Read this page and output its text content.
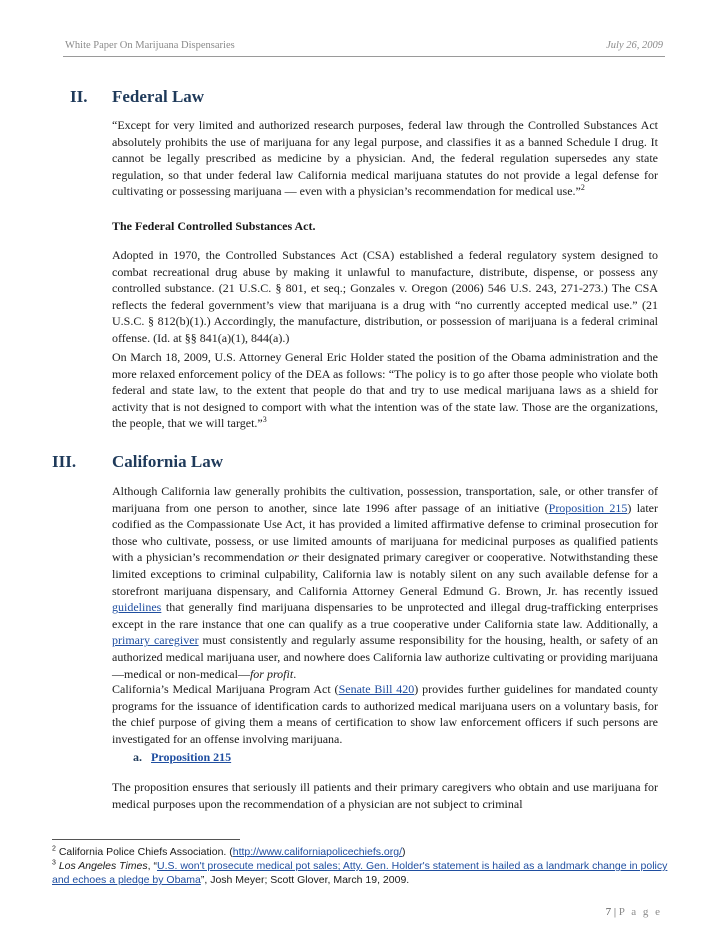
White Paper On Marijuana Dispensaries	July 26, 2009
II. Federal Law

“Except for very limited and authorized research purposes, federal law through the Controlled Substances Act absolutely prohibits the use of marijuana for any legal purpose, and classifies it as a banned Schedule I drug. It cannot be legally prescribed as medicine by a physician. And, the federal regulation supersedes any state regulation, so that under federal law California medical marijuana statutes do not provide a legal defense for cultivating or possessing marijuana — even with a physician’s recommendation for medical use.”$^2$

The Federal Controlled Substances Act.

Adopted in 1970, the Controlled Substances Act (CSA) established a federal regulatory system designed to combat recreational drug abuse by making it unlawful to manufacture, distribute, dispense, or possess any controlled substance. (21 U.S.C. § 801, et seq.; Gonzales v. Oregon (2006) 546 U.S. 243, 271-273.) The CSA reflects the federal government’s view that marijuana is a drug with “no currently accepted medical use.” (21 U.S.C. § 812(b)(1).) Accordingly, the manufacture, distribution, or possession of marijuana is a federal criminal offense. (Id. at §§ 841(a)(1), 844(a).)

On March 18, 2009, U.S. Attorney General Eric Holder stated the position of the Obama administration and the more relaxed enforcement policy of the DEA as follows: “The policy is to go after those people who violate both federal and state law, to the extent that people do that and try to use medical marijuana laws as a shield for activity that is not designed to comport with what the intention was of the state law. Those are the organizations, the people, that we will target.”$^3$

III. California Law

Although California law generally prohibits the cultivation, possession, transportation, sale, or other transfer of marijuana from one person to another, since late 1996 after passage of an initiative (Proposition 215) later codified as the Compassionate Use Act, it has provided a limited affirmative defense to criminal prosecution for those who cultivate, possess, or use limited amounts of marijuana for medicinal purposes as qualified patients with a physician’s recommendation or their designated primary caregiver or cooperative. Notwithstanding these limited exceptions to criminal culpability, California law is notably silent on any such available defense for a storefront marijuana dispensary, and California Attorney General Edmund G. Brown, Jr. has recently issued guidelines that generally find marijuana dispensaries to be unprotected and illegal drug-trafficking enterprises except in the rare instance that one can qualify as a true cooperative under California state law. Additionally, a primary caregiver must consistently and regularly assume responsibility for the housing, health, or safety of an authorized medical marijuana user, and nowhere does California law authorize cultivating or providing marijuana—medical or non-medical—for profit.

California’s Medical Marijuana Program Act (Senate Bill 420) provides further guidelines for mandated county programs for the issuance of identification cards to authorized medical marijuana users on a voluntary basis, for the chief purpose of giving them a means of certification to show law enforcement officers if such persons are investigated for an offense involving marijuana.

a. Proposition 215

The proposition ensures that seriously ill patients and their primary caregivers who obtain and use marijuana for medical purposes upon the recommendation of a physician are not subject to criminal

$^2$ California Police Chiefs Association. (http://www.californiapolicechiefs.org/)

$^3$ Los Angeles Times, “U.S. won't prosecute medical pot sales; Atty. Gen. Holder's statement is hailed as a landmark change in policy and echoes a pledge by Obama”, Josh Meyer; Scott Glover, March 19, 2009.

7 | P a g e
